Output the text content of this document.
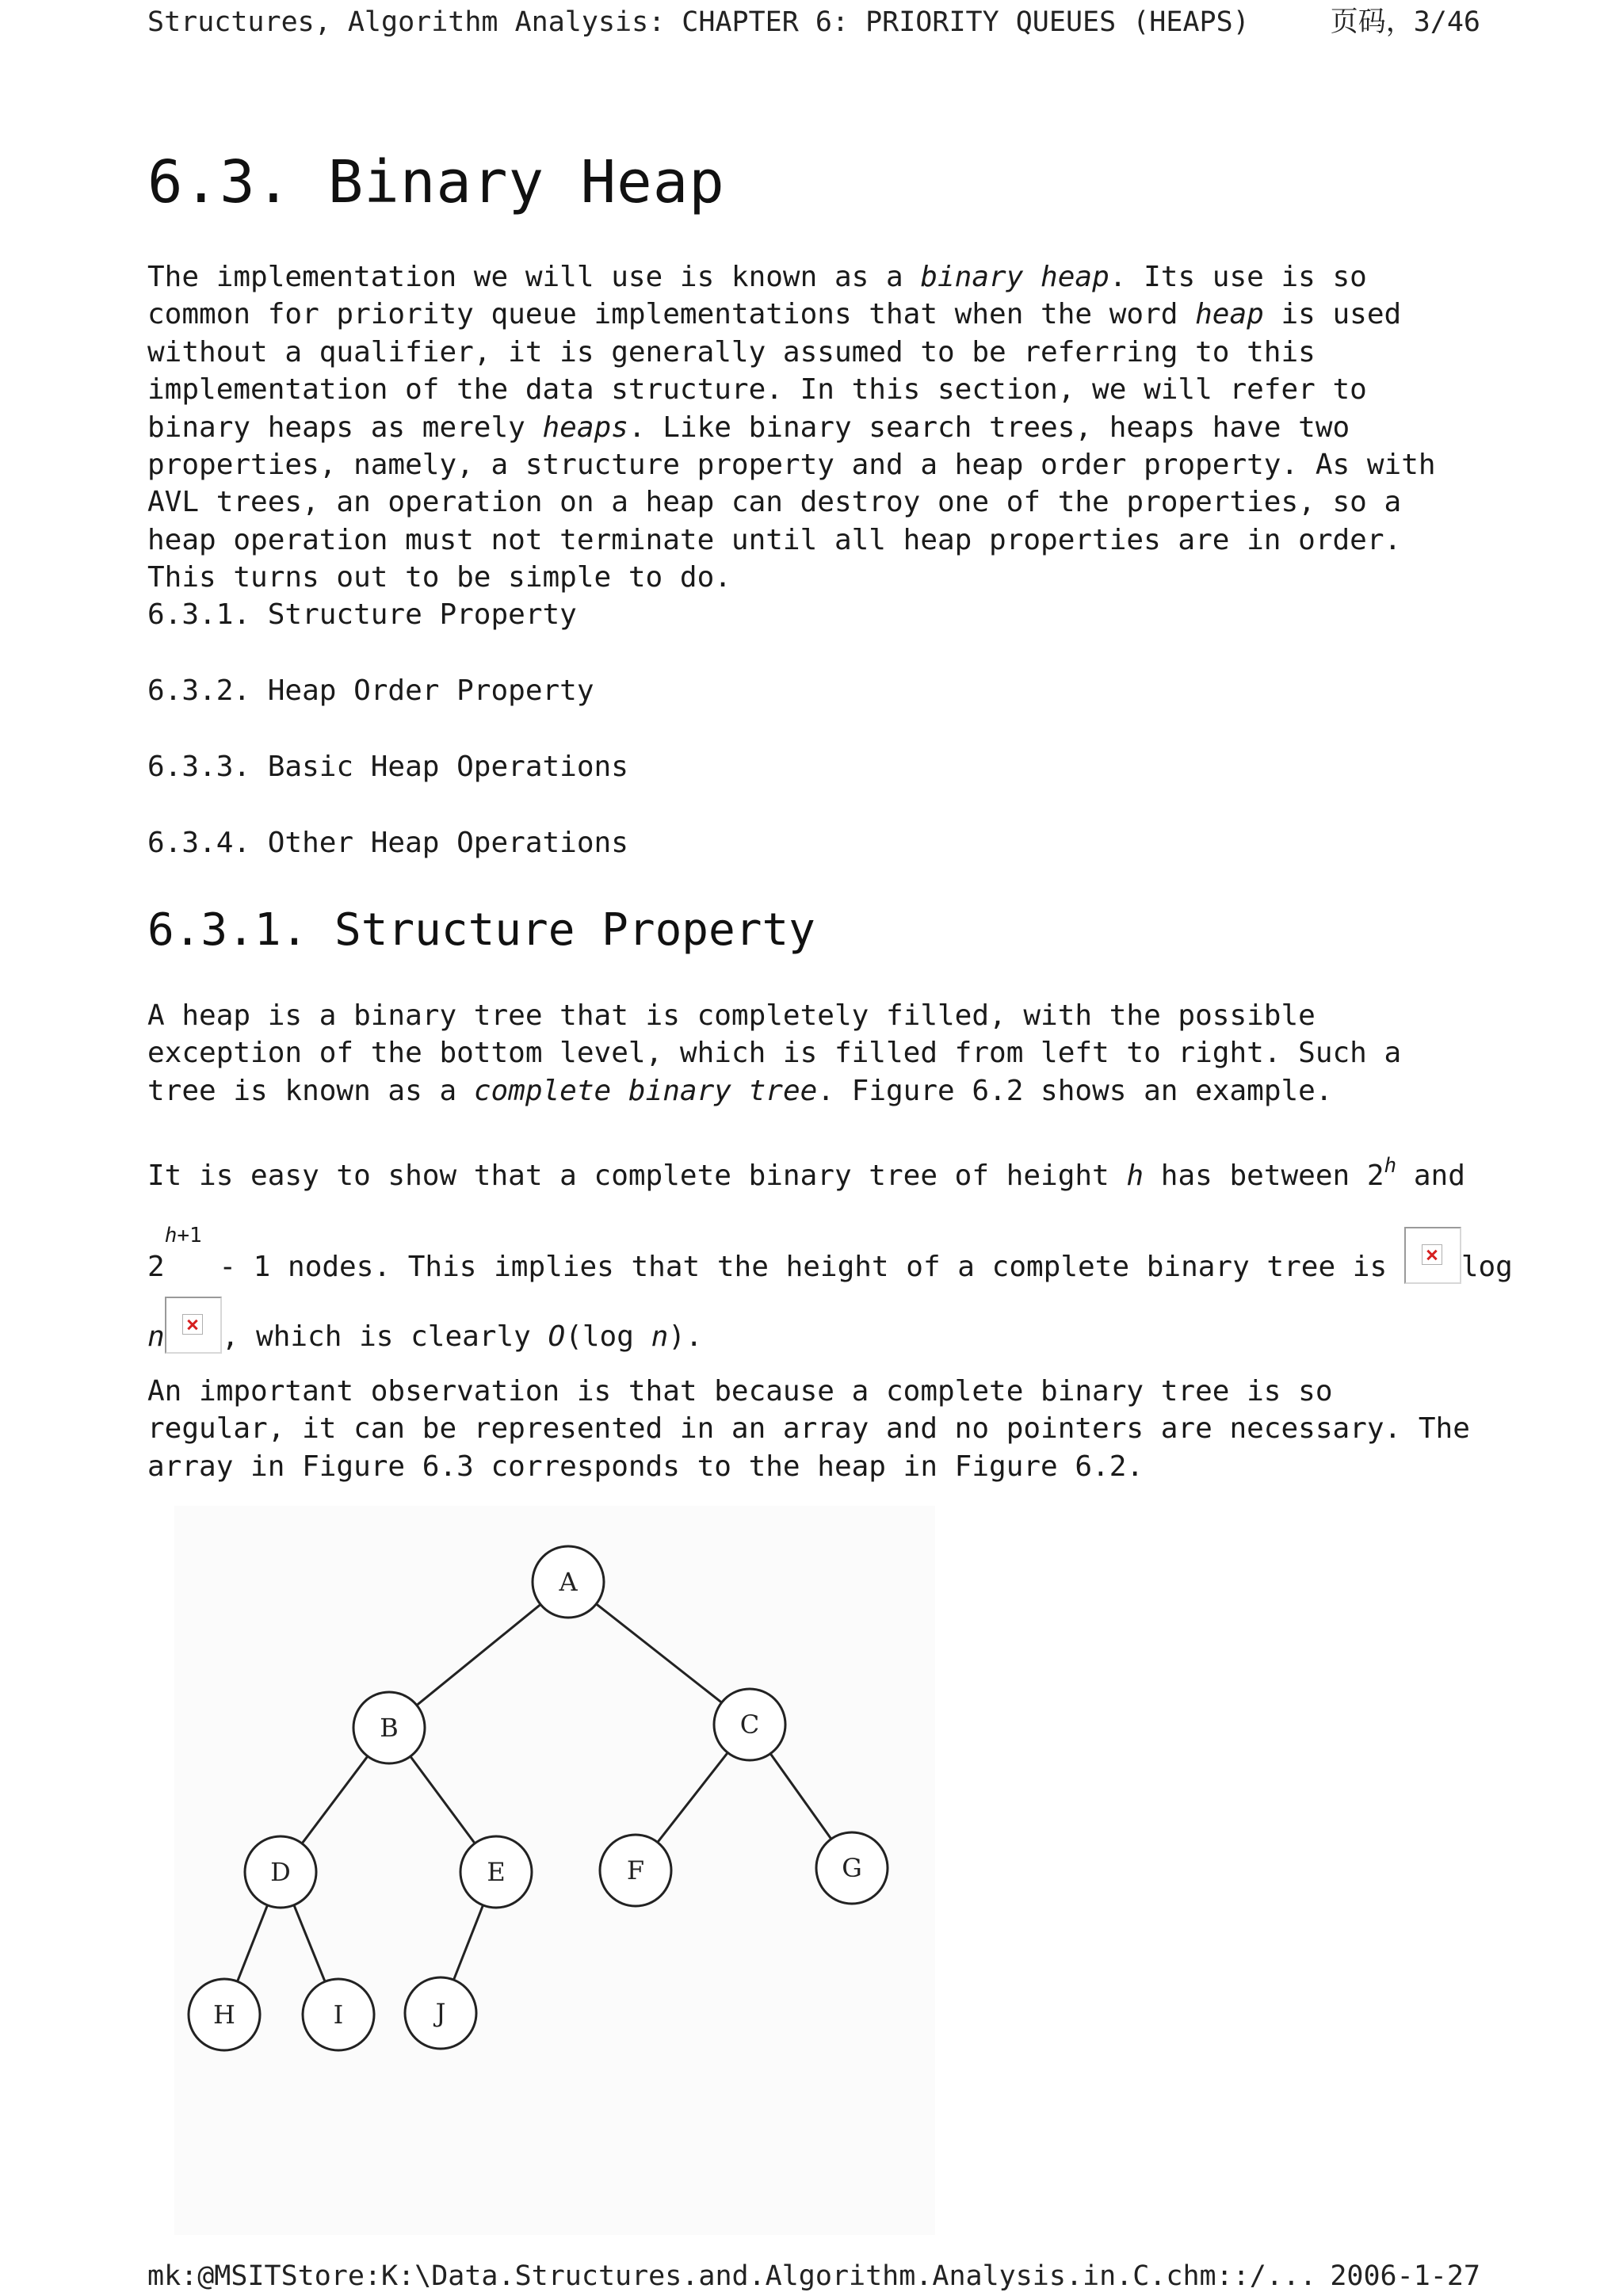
Structures, Algorithm Analysis: CHAPTER 6: PRIORITY QUEUES (HEAPS)	页码，3/46
6.3. Binary Heap

The implementation we will use is known as a binary heap. Its use is so common for priority queue implementations that when the word heap is used without a qualifier, it is generally assumed to be referring to this implementation of the data structure. In this section, we will refer to binary heaps as merely heaps. Like binary search trees, heaps have two properties, namely, a structure property and a heap order property. As with AVL trees, an operation on a heap can destroy one of the properties, so a heap operation must not terminate until all heap properties are in order. This turns out to be simple to do.

6.3.1. Structure Property
6.3.2. Heap Order Property
6.3.3. Basic Heap Operations
6.3.4. Other Heap Operations
6.3.1. Structure Property

A heap is a binary tree that is completely filled, with the possible exception of the bottom level, which is filled from left to right. Such a tree is known as a complete binary tree. Figure 6.2 shows an example.

It is easy to show that a complete binary tree of height h has between 2$^h$ and
$2^{h+1} - 1$ nodes. This implies that the height of a complete binary tree is
log
n , which is clearly O(log n).

An important observation is that because a complete binary tree is so regular, it can be represented in an array and no pointers are necessary. The array in Figure 6.3 corresponds to the heap in Figure 6.2.

A
B	C
D	E	F	G
H	I	J
mk:@MSITStore:K:\Data.Structures.and.Algorithm.Analysis.in.C.chm::/... 2006-1-27
